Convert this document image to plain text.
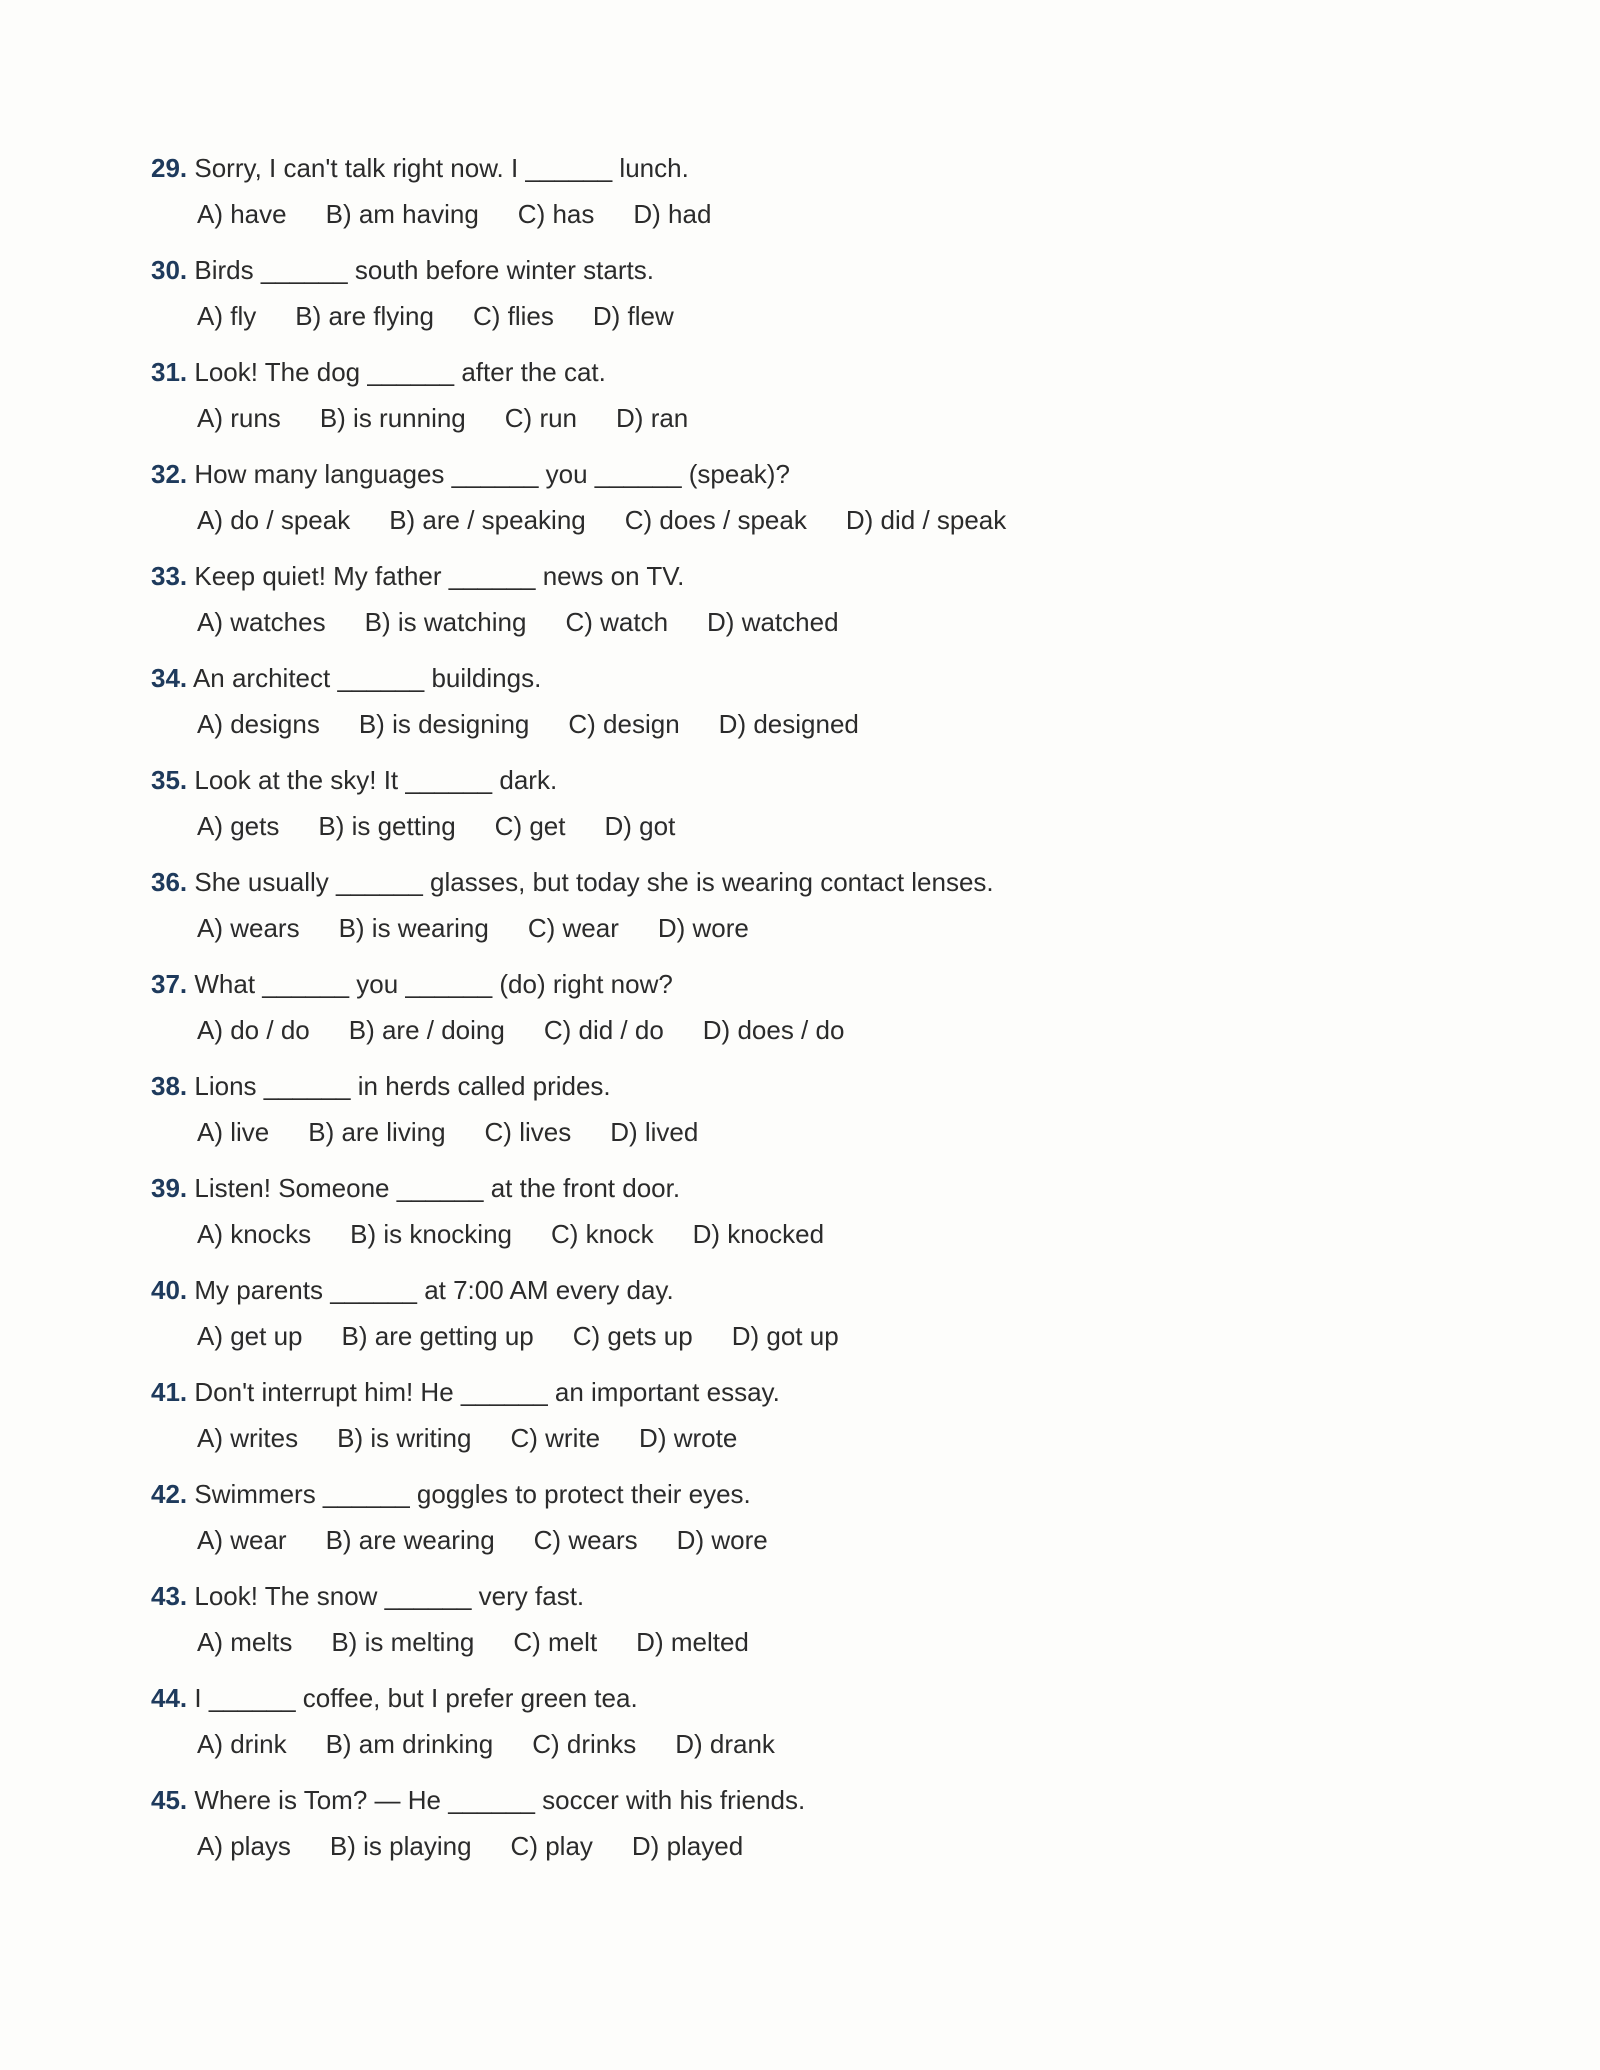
29. Sorry, I can't talk right now. I ______ lunch.
A) have B) am having C) has D) had
30. Birds ______ south before winter starts.
A) fly B) are flying C) flies D) flew
31. Look! The dog ______ after the cat.
A) runs B) is running C) run D) ran
32. How many languages ______ you ______ (speak)?
A) do / speak B) are / speaking C) does / speak D) did / speak
33. Keep quiet! My father ______ news on TV.
A) watches B) is watching C) watch D) watched
34. An architect ______ buildings.
A) designs B) is designing C) design D) designed
35. Look at the sky! It ______ dark.
A) gets B) is getting C) get D) got
36. She usually ______ glasses, but today she is wearing contact lenses.
A) wears B) is wearing C) wear D) wore
37. What ______ you ______ (do) right now?
A) do / do B) are / doing C) did / do D) does / do
38. Lions ______ in herds called prides.
A) live B) are living C) lives D) lived
39. Listen! Someone ______ at the front door.
A) knocks B) is knocking C) knock D) knocked
40. My parents ______ at 7:00 AM every day.
A) get up B) are getting up C) gets up D) got up
41. Don't interrupt him! He ______ an important essay.
A) writes B) is writing C) write D) wrote
42. Swimmers ______ goggles to protect their eyes.
A) wear B) are wearing C) wears D) wore
43. Look! The snow ______ very fast.
A) melts B) is melting C) melt D) melted
44. I ______ coffee, but I prefer green tea.
A) drink B) am drinking C) drinks D) drank
45. Where is Tom? — He ______ soccer with his friends.
A) plays B) is playing C) play D) played
